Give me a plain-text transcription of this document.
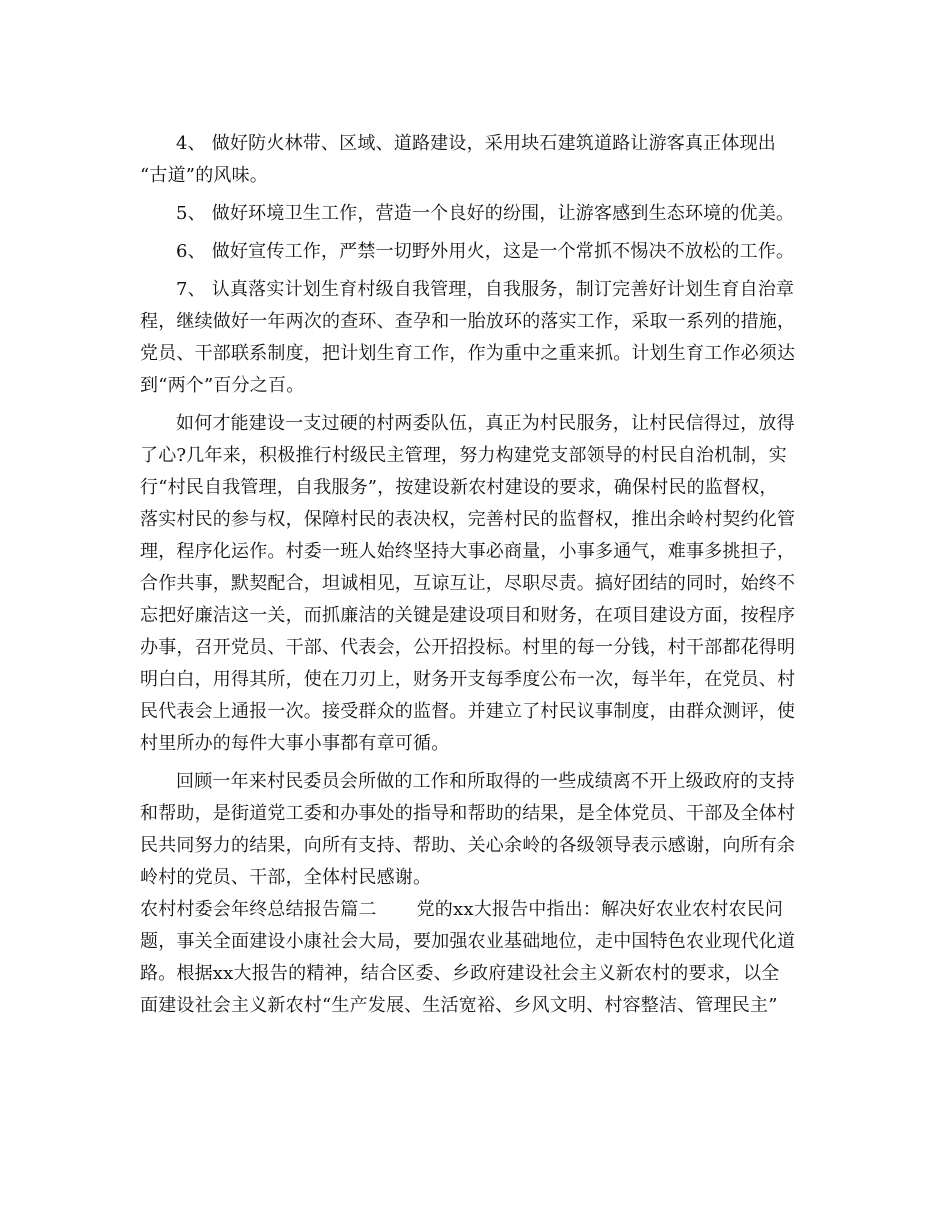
4、 做好防火林带、区域、道路建设，采用块石建筑道路让游客真正体现出
“古道”的风味。
5、 做好环境卫生工作，营造一个良好的纷围，让游客感到生态环境的优美。
6、 做好宣传工作，严禁一切野外用火，这是一个常抓不惕决不放松的工作。
7、 认真落实计划生育村级自我管理，自我服务，制订完善好计划生育自治章
程，继续做好一年两次的查环、查孕和一胎放环的落实工作，采取一系列的措施，
党员、干部联系制度，把计划生育工作，作为重中之重来抓。计划生育工作必须达
到“两个”百分之百。
如何才能建设一支过硬的村两委队伍，真正为村民服务，让村民信得过，放得
了心?几年来，积极推行村级民主管理，努力构建党支部领导的村民自治机制，实
行“村民自我管理，自我服务”，按建设新农村建设的要求，确保村民的监督权，
落实村民的参与权，保障村民的表决权，完善村民的监督权，推出余岭村契约化管
理，程序化运作。村委一班人始终坚持大事必商量，小事多通气，难事多挑担子，
合作共事，默契配合，坦诚相见，互谅互让，尽职尽责。搞好团结的同时，始终不
忘把好廉洁这一关，而抓廉洁的关键是建设项目和财务，在项目建设方面，按程序
办事，召开党员、干部、代表会，公开招投标。村里的每一分钱，村干部都花得明
明白白，用得其所，使在刀刃上，财务开支每季度公布一次，每半年，在党员、村
民代表会上通报一次。接受群众的监督。并建立了村民议事制度，由群众测评，使
村里所办的每件大事小事都有章可循。
回顾一年来村民委员会所做的工作和所取得的一些成绩离不开上级政府的支持
和帮助，是街道党工委和办事处的指导和帮助的结果，是全体党员、干部及全体村
民共同努力的结果，向所有支持、帮助、关心余岭的各级领导表示感谢，向所有余
岭村的党员、干部，全体村民感谢。
农村村委会年终总结报告篇二 党的xx大报告中指出：解决好农业农村农民问
题，事关全面建设小康社会大局，要加强农业基础地位，走中国特色农业现代化道
路。根据xx大报告的精神，结合区委、乡政府建设社会主义新农村的要求，以全
面建设社会主义新农村“生产发展、生活宽裕、乡风文明、村容整洁、管理民主”
